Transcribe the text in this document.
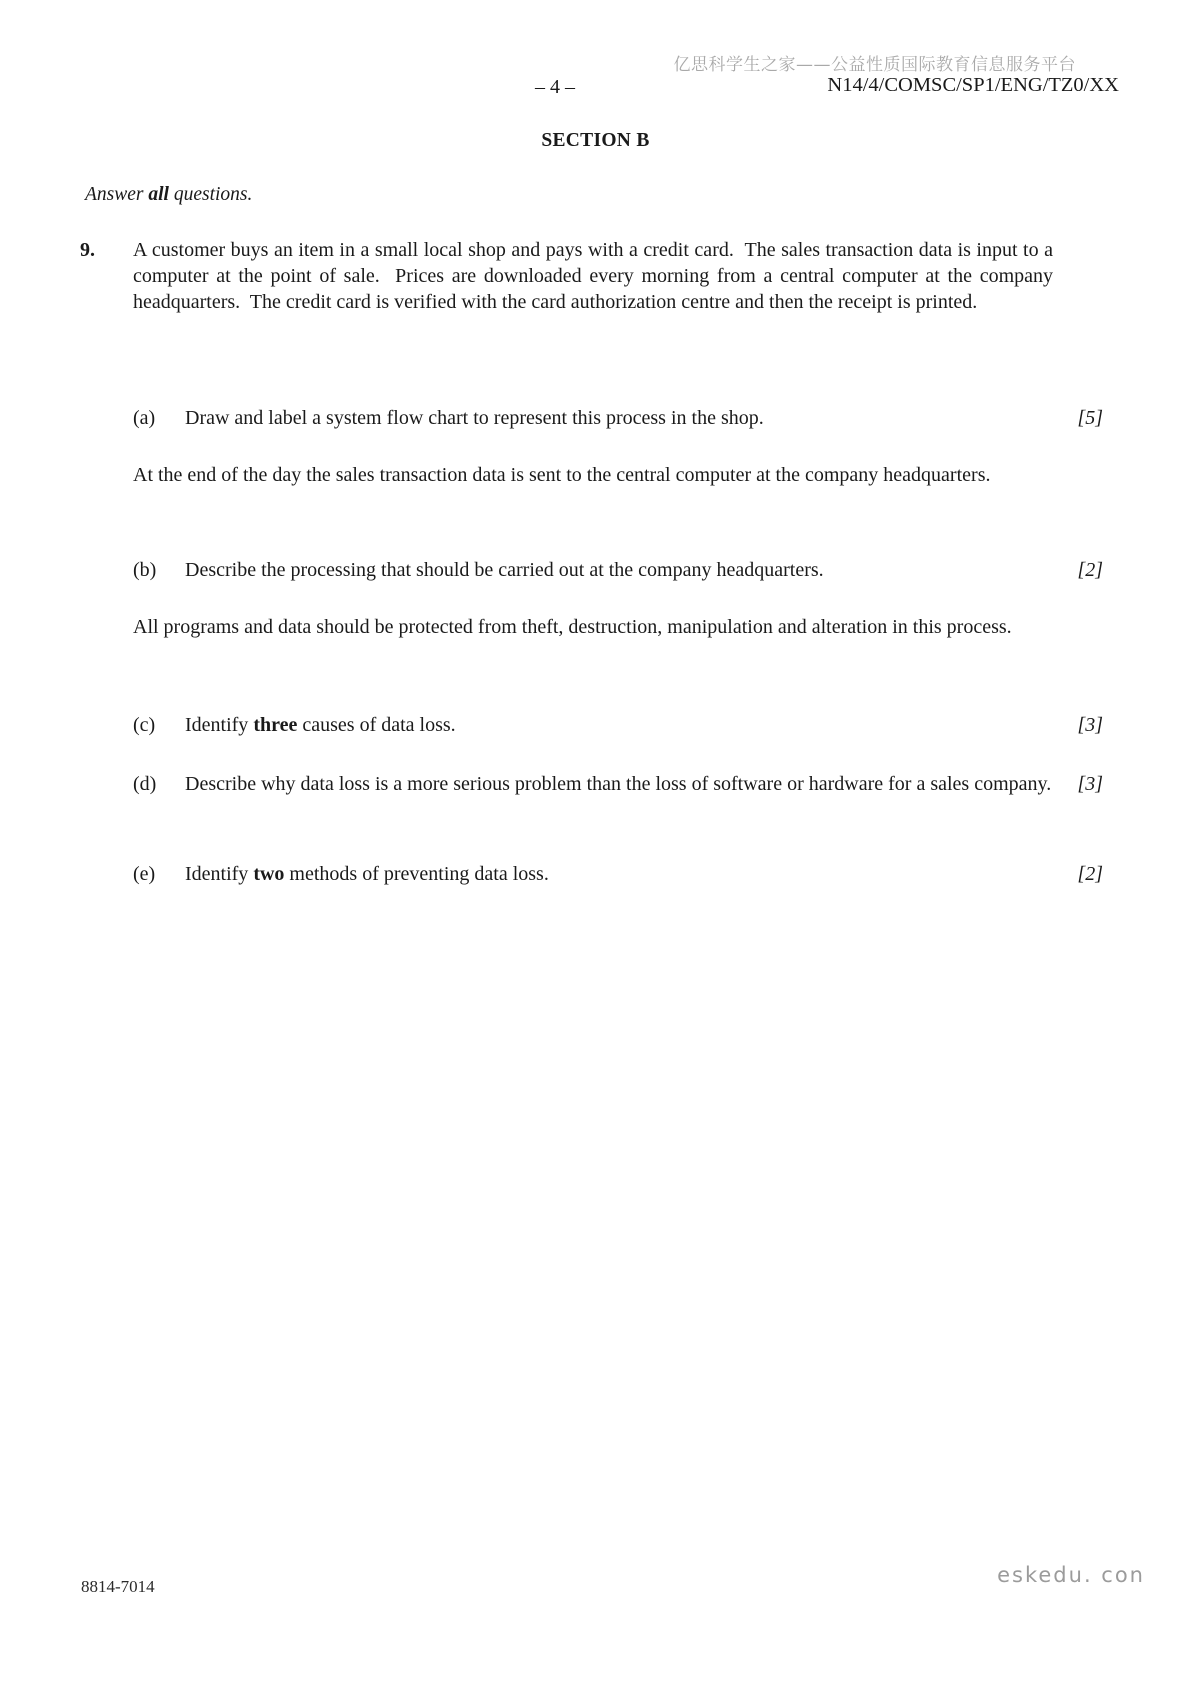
亿思科学生之家——公益性质国际教育信息服务平台
– 4 –	N14/4/COMSC/SP1/ENG/TZ0/XX
SECTION B
Answer all questions.
9.	A customer buys an item in a small local shop and pays with a credit card.  The sales transaction data is input to a computer at the point of sale.  Prices are downloaded every morning from a central computer at the company headquarters.  The credit card is verified with the card authorization centre and then the receipt is printed.
(a)	Draw and label a system flow chart to represent this process in the shop.	[5]
At the end of the day the sales transaction data is sent to the central computer at the company headquarters.
(b)	Describe the processing that should be carried out at the company headquarters.	[2]
All programs and data should be protected from theft, destruction, manipulation and alteration in this process.
(c)	Identify three causes of data loss.	[3]
(d)	Describe why data loss is a more serious problem than the loss of software or hardware for a sales company.	[3]
(e)	Identify two methods of preventing data loss.	[2]
8814-7014	eskedu. con
